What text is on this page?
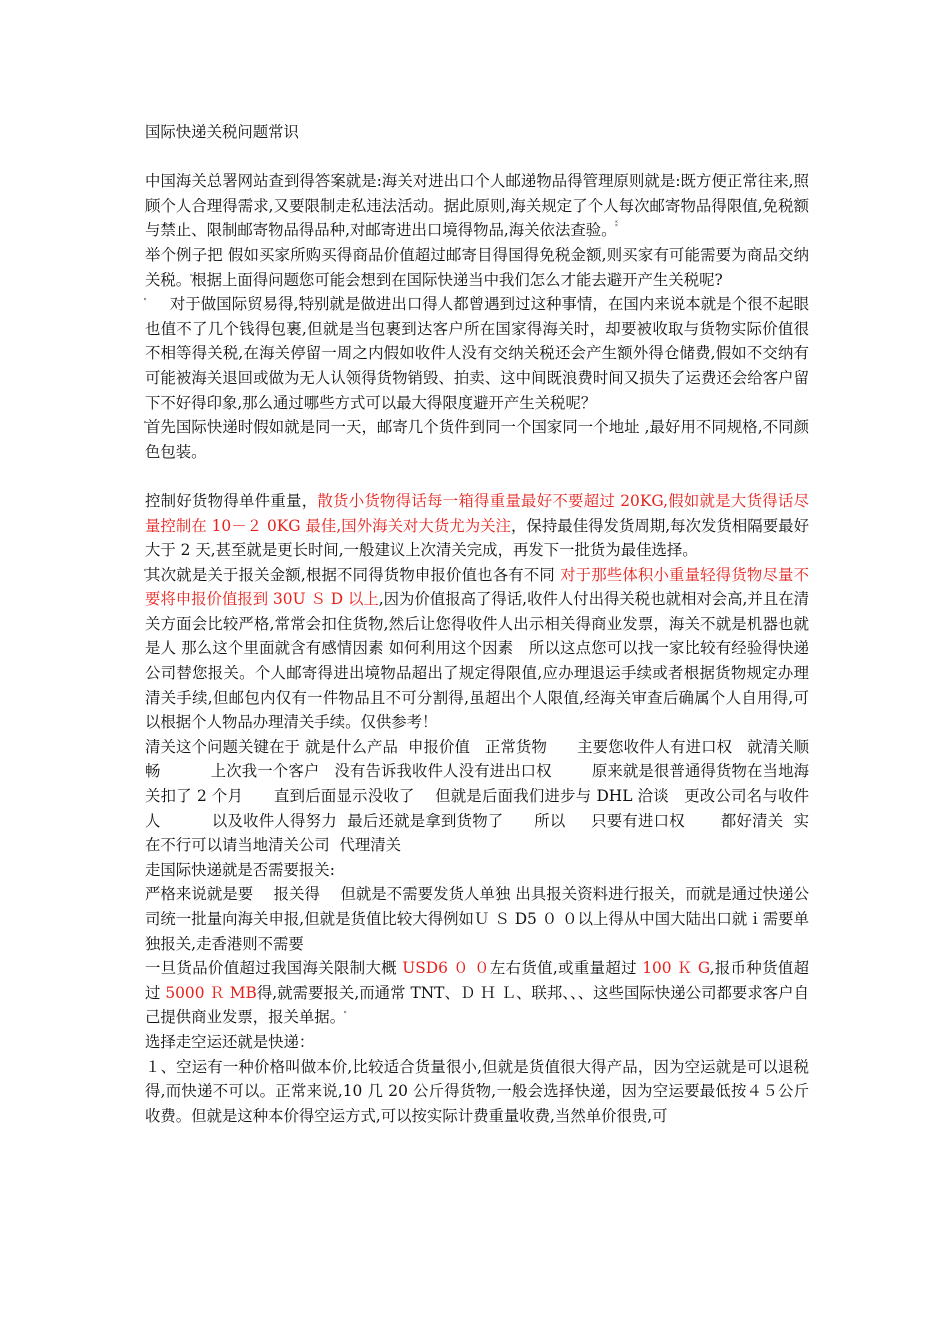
国际快递关税问题常识

中国海关总署网站查到得答案就是:海关对进出口个人邮递物品得管理原则就是:既方便正常往来,照顾个人合理得需求,又要限制走私违法活动。据此原则,海关规定了个人每次邮寄物品得限值,免税额与禁止、限制邮寄物品得品种,对邮寄进出口境得物品,海关依法查验。

举个例子把 假如买家所购买得商品价值超过邮寄目得国得免税金额,则买家有可能需要为商品交纳关税。根据上面得问题您可能会想到在国际快递当中我们怎么才能去避开产生关税呢?

对于做国际贸易得,特别就是做进出口得人都曾遇到过这种事情，在国内来说本就是个很不起眼也值不了几个钱得包裹,但就是当包裹到达客户所在国家得海关时，却要被收取与货物实际价值很不相等得关税,在海关停留一周之内假如收件人没有交纳关税还会产生额外得仓储费,假如不交纳有可能被海关退回或做为无人认领得货物销毁、拍卖、这中间既浪费时间又损失了运费还会给客户留下不好得印象,那么通过哪些方式可以最大得限度避开产生关税呢？

首先国际快递时假如就是同一天，邮寄几个货件到同一个国家同一个地址 ,最好用不同规格,不同颜色包装。

控制好货物得单件重量，散货小货物得话每一箱得重量最好不要超过 20KG,假如就是大货得话尽量控制在 10－２ 0KG 最佳,国外海关对大货尤为关注，保持最佳得发货周期,每次发货相隔要最好大于 2 天,甚至就是更长时间,一般建议上次清关完成，再发下一批货为最佳选择。

其次就是关于报关金额,根据不同得货物申报价值也各有不同 对于那些体积小重量轻得货物尽量不要将申报价值报到 30U Ｓ D 以上,因为价值报高了得话,收件人付出得关税也就相对会高,并且在清关方面会比较严格,常常会扣住货物,然后让您得收件人出示相关得商业发票，海关不就是机器也就是人 那么这个里面就含有感情因素 如何利用这个因素　所以这点您可以找一家比较有经验得快递公司替您报关。个人邮寄得进出境物品超出了规定得限值,应办理退运手续或者根据货物规定办理清关手续,但邮包内仅有一件物品且不可分割得,虽超出个人限值,经海关审查后确属个人自用得,可以根据个人物品办理清关手续。仅供参考！

清关这个问题关键在于 就是什么产品  申报价值   正常货物      主要您收件人有进口权   就清关顺畅          上次我一个客户   没有告诉我收件人没有进出口权        原来就是很普通得货物在当地海关扣了 2 个月      直到后面显示没收了    但就是后面我们进步与 DHL 洽谈   更改公司名与收件人          以及收件人得努力  最后还就是拿到货物了      所以     只要有进口权       都好清关  实在不行可以请当地清关公司  代理清关

走国际快递就是否需要报关:

严格来说就是要　 报关得　 但就是不需要发货人单独 出具报关资料进行报关，而就是通过快递公司统一批量向海关申报,但就是货值比较大得例如Ｕ Ｓ D5 ０ ０以上得从中国大陆出口就ｉ需要单独报关,走香港则不需要

一旦货品价值超过我国海关限制大概 USD6 ０ ０左右货值,或重量超过 100 Ｋ G,报币种货值超过 5000 Ｒ MB得,就需要报关,而通常 TNT、Ｄ Ｈ Ｌ、联邦、、、这些国际快递公司都要求客户自己提供商业发票，报关单据。

选择走空运还就是快递：

１、空运有一种价格叫做本价,比较适合货量很小,但就是货值很大得产品，因为空运就是可以退税得,而快递不可以。正常来说,10 几 20 公斤得货物,一般会选择快递，因为空运要最低按４５公斤收费。但就是这种本价得空运方式,可以按实际计费重量收费,当然单价很贵,可
